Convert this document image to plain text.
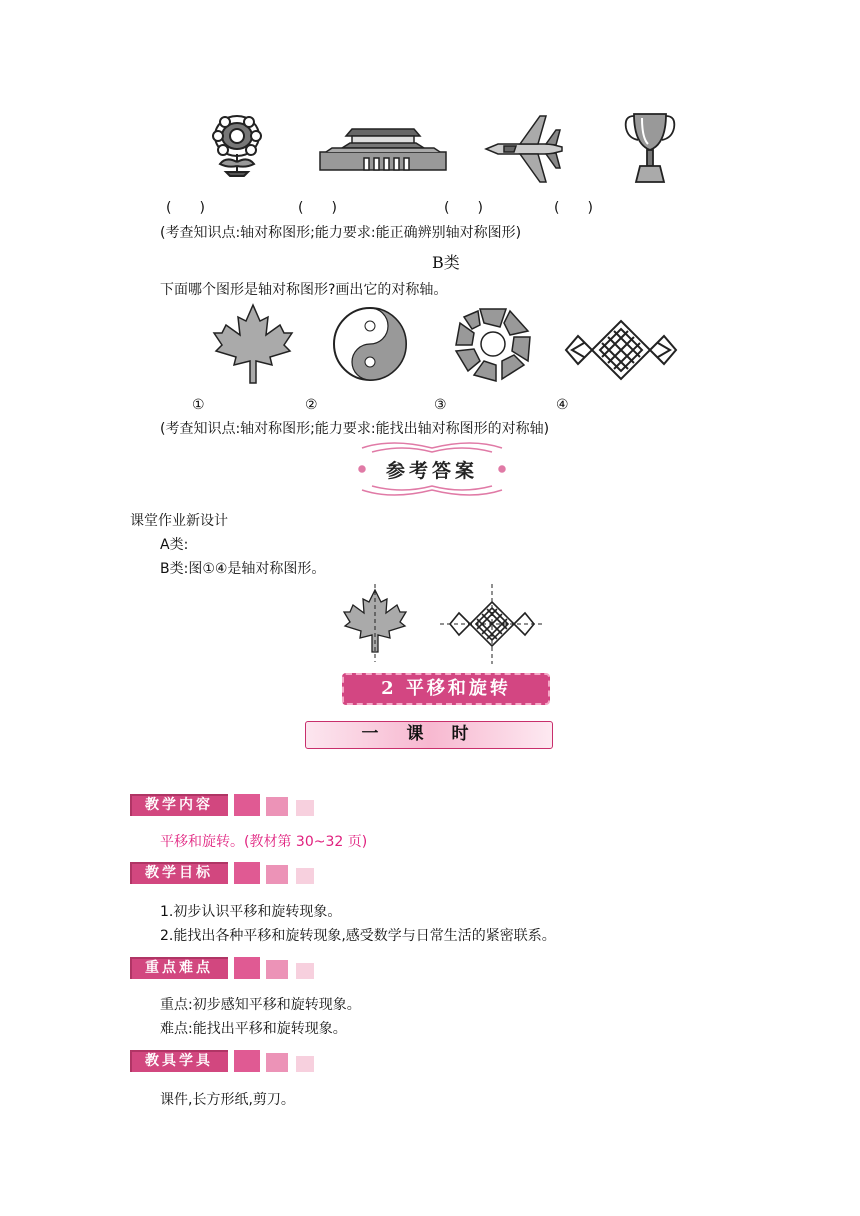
(　　)	(　　)	(　　)	(　　)
(考查知识点:轴对称图形;能力要求:能正确辨别轴对称图形)
B类
下面哪个图形是轴对称图形?画出它的对称轴。
①	②	③	④
(考查知识点:轴对称图形;能力要求:能找出轴对称图形的对称轴)
参考答案
课堂作业新设计
A类:
B类:图①④是轴对称图形。
2 平移和旋转
一课时
教学内容
平移和旋转。(教材第 30~32 页)
教学目标
1.初步认识平移和旋转现象。
2.能找出各种平移和旋转现象,感受数学与日常生活的紧密联系。
重点难点
重点:初步感知平移和旋转现象。
难点:能找出平移和旋转现象。
教具学具
课件,长方形纸,剪刀。
